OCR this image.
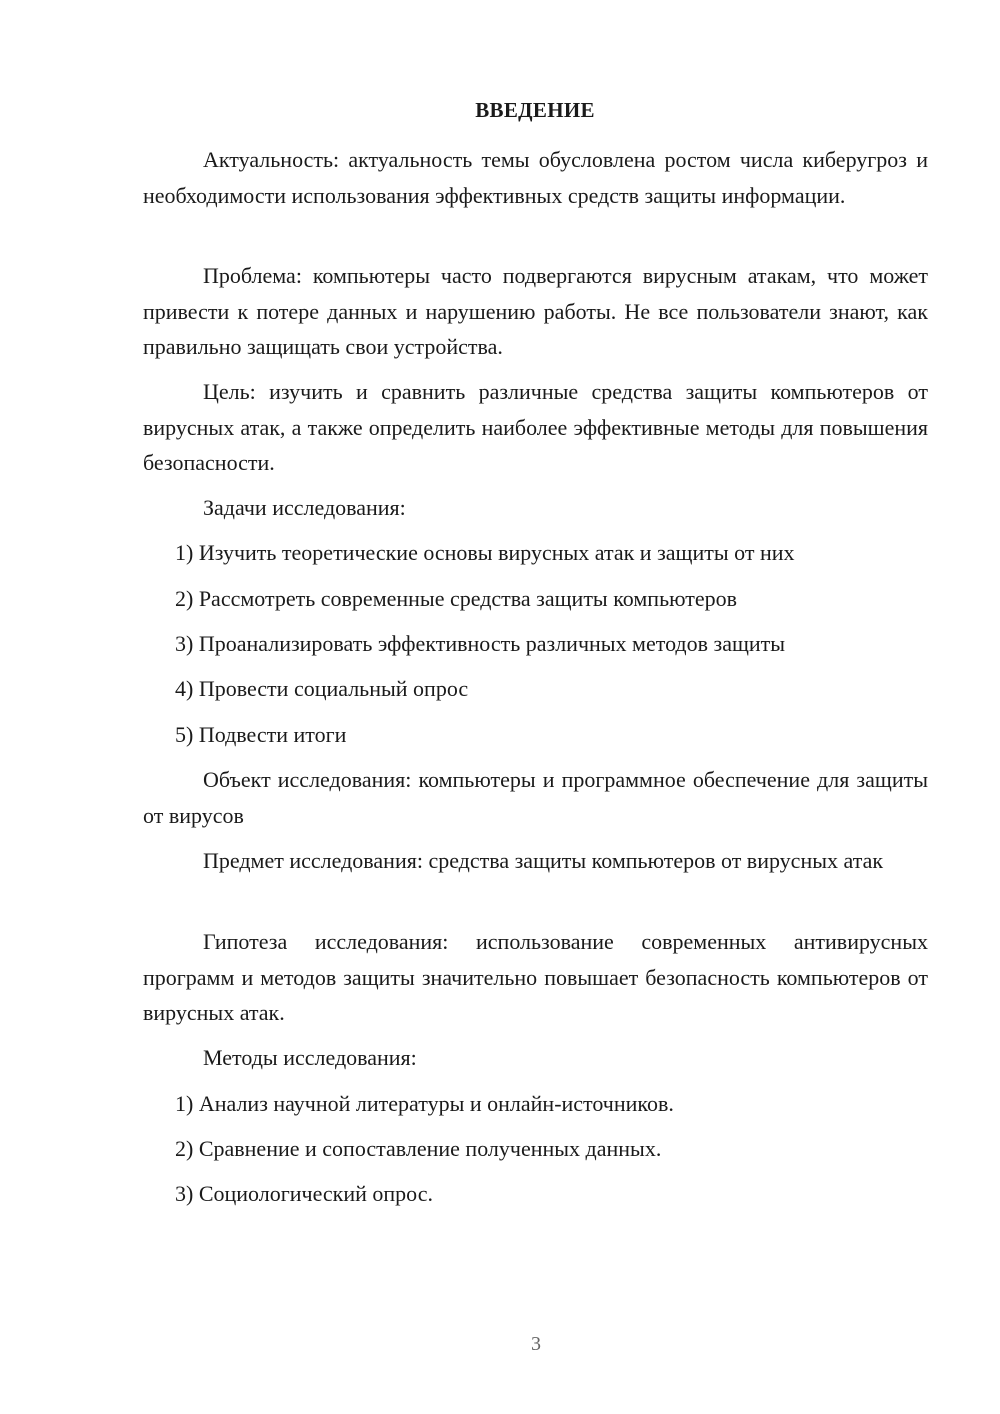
ВВЕДЕНИЕ
Актуальность: актуальность темы обусловлена ростом числа киберугроз и необходимости использования эффективных средств защиты информации.
Проблема: компьютеры часто подвергаются вирусным атакам, что может привести к потере данных и нарушению работы. Не все пользователи знают, как правильно защищать свои устройства.
Цель: изучить и сравнить различные средства защиты компьютеров от вирусных атак, а также определить наиболее эффективные методы для повышения безопасности.
Задачи исследования:
1) Изучить теоретические основы вирусных атак и защиты от них
2) Рассмотреть современные средства защиты компьютеров
3) Проанализировать эффективность различных методов защиты
4) Провести социальный опрос
5) Подвести итоги
Объект исследования: компьютеры и программное обеспечение для защиты от вирусов
Предмет исследования: средства защиты компьютеров от вирусных атак
Гипотеза исследования: использование современных антивирусных программ и методов защиты значительно повышает безопасность компьютеров от вирусных атак.
Методы исследования:
1) Анализ научной литературы и онлайн-источников.
2) Сравнение и сопоставление полученных данных.
3) Социологический опрос.
3
